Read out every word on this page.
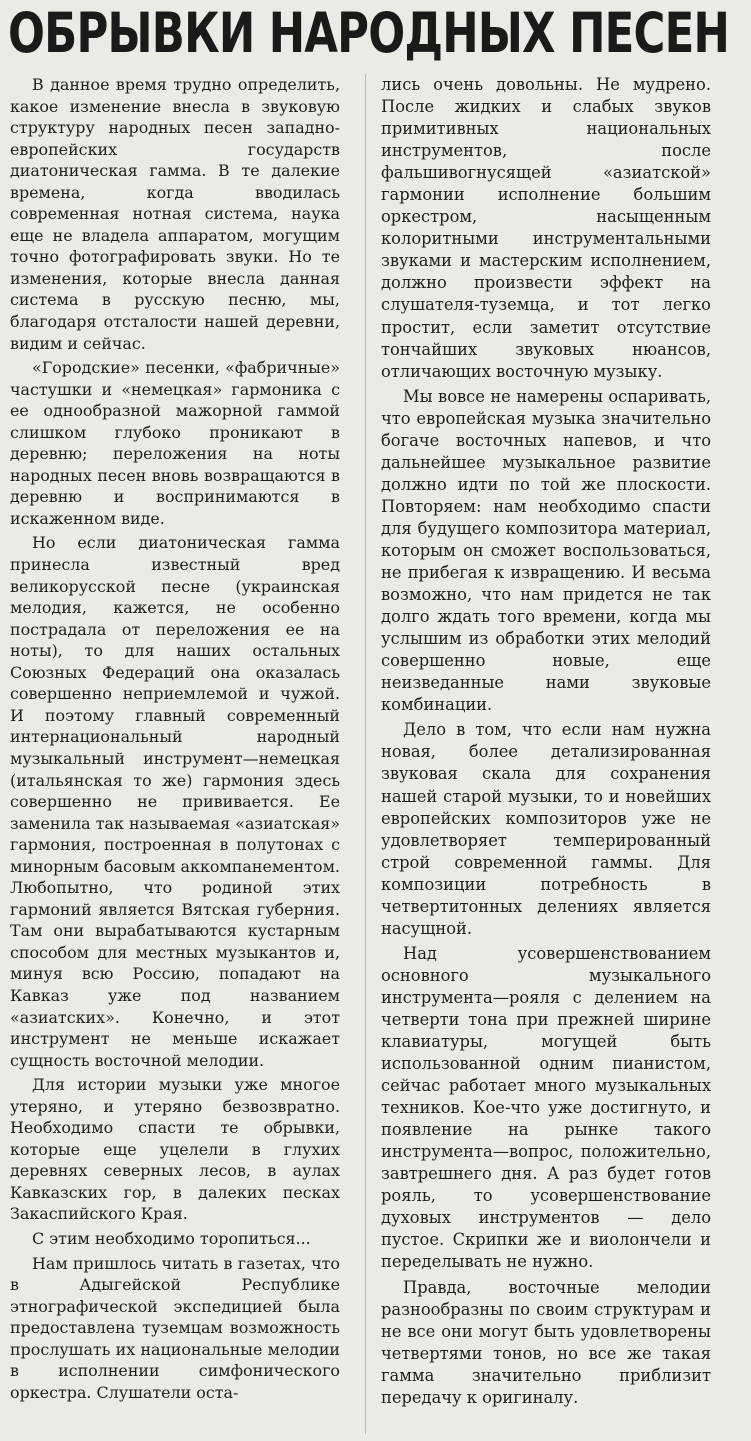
ОБРЫВКИ НАРОДНЫХ ПЕСЕН

В данное время трудно определить, какое изменение внесла в звуковую структуру народных песен западно-европейских государств диатоническая гамма. В те далекие времена, когда вводилась современная нотная система, наука еще не владела аппаратом, могущим точно фотографировать звуки. Но те изменения, которые внесла данная система в русскую песню, мы, благодаря отсталости нашей деревни, видим и сейчас.

«Городские» песенки, «фабричные» частушки и «немецкая» гармоника с ее однообразной мажорной гаммой слишком глубоко проникают в деревню; переложения на ноты народных песен вновь возвращаются в деревню и воспринимаются в искаженном виде.

Но если диатоническая гамма принесла известный вред великорусской песне (украинская мелодия, кажется, не особенно пострадала от переложения ее на ноты), то для наших остальных Союзных Федераций она оказалась совершенно неприемлемой и чужой. И поэтому главный современный интернациональный народный музыкальный инструмент—немецкая (итальянская то же) гармония здесь совершенно не прививается. Ее заменила так называемая «азиатская» гармония, построенная в полутонах с минорным басовым аккомпанементом. Любопытно, что родиной этих гармоний является Вятская губерния. Там они вырабатываются кустарным способом для местных музыкантов и, минуя всю Россию, попадают на Кавказ уже под названием «азиатских». Конечно, и этот инструмент не меньше искажает сущность восточной мелодии.

Для истории музыки уже многое утеряно, и утеряно безвозвратно. Необходимо спасти те обрывки, которые еще уцелели в глухих деревнях северных лесов, в аулах Кавказских гор, в далеких песках Закаспийского Края.

С этим необходимо торопиться...

Нам пришлось читать в газетах, что в Адыгейской Республике этнографической экспедицией была предоставлена туземцам возможность прослушать их национальные мелодии в исполнении симфонического оркестра. Слушатели оста-

лись очень довольны. Не мудрено. После жидких и слабых звуков примитивных национальных инструментов, после фальшивогнусящей «азиатской» гармонии исполнение большим оркестром, насыщенным колоритными инструментальными звуками и мастерским исполнением, должно произвести эффект на слушателя-туземца, и тот легко простит, если заметит отсутствие тончайших звуковых нюансов, отличающих восточную музыку.

Мы вовсе не намерены оспаривать, что европейская музыка значительно богаче восточных напевов, и что дальнейшее музыкальное развитие должно идти по той же плоскости. Повторяем: нам необходимо спасти для будущего композитора материал, которым он сможет воспользоваться, не прибегая к извращению. И весьма возможно, что нам придется не так долго ждать того времени, когда мы услышим из обработки этих мелодий совершенно новые, еще неизведанные нами звуковые комбинации.

Дело в том, что если нам нужна новая, более детализированная звуковая скала для сохранения нашей старой музыки, то и новейших европейских композиторов уже не удовлетворяет темперированный строй современной гаммы. Для композиции потребность в четвертитонных делениях является насущной.

Над усовершенствованием основного музыкального инструмента—рояля с делением на четверти тона при прежней ширине клавиатуры, могущей быть использованной одним пианистом, сейчас работает много музыкальных техников. Кое-что уже достигнуто, и появление на рынке такого инструмента—вопрос, положительно, завтрешнего дня. А раз будет готов рояль, то усовершенствование духовых инструментов — дело пустое. Скрипки же и виолончели и переделывать не нужно.

Правда, восточные мелодии разнообразны по своим структурам и не все они могут быть удовлетворены четвертями тонов, но все же такая гамма значительно приблизит передачу к оригиналу.
